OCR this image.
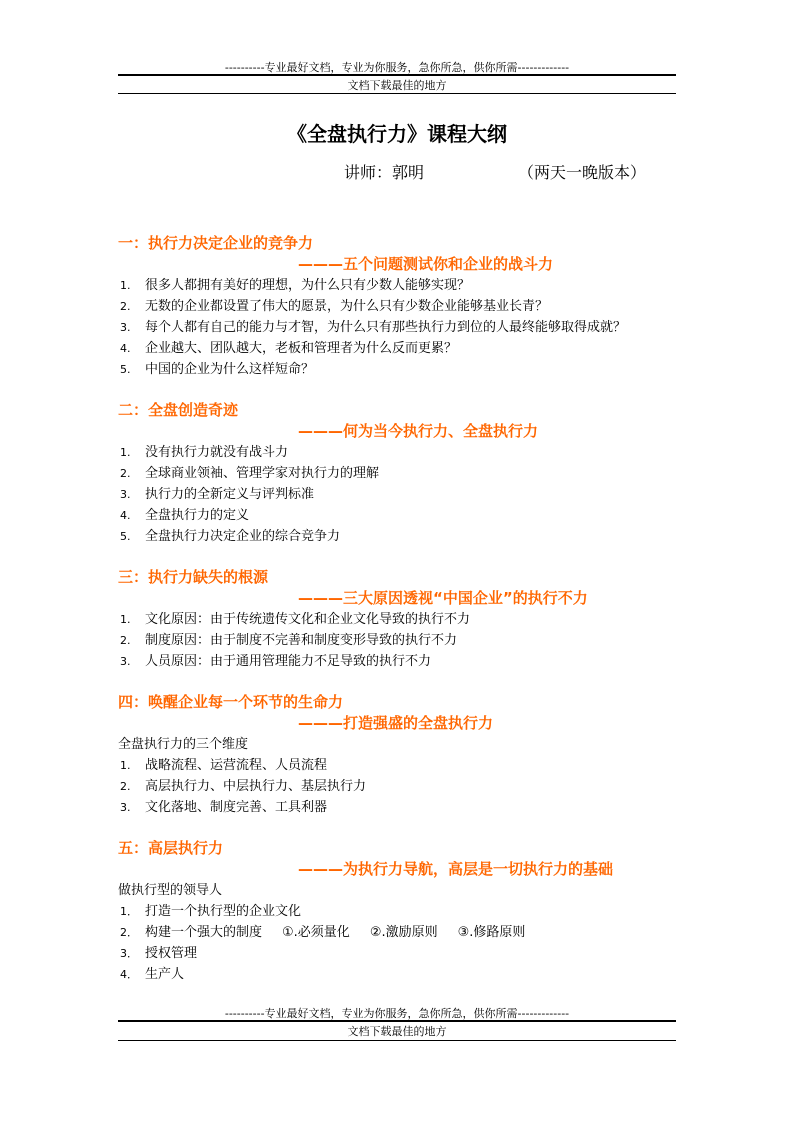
----------专业最好文档，专业为你服务，急你所急，供你所需-------------
文档下载最佳的地方
《全盘执行力》课程大纲
讲师：郭明	（两天一晚版本）
一：执行力决定企业的竞争力
———五个问题测试你和企业的战斗力
1. 很多人都拥有美好的理想，为什么只有少数人能够实现？
2. 无数的企业都设置了伟大的愿景，为什么只有少数企业能够基业长青？
3. 每个人都有自己的能力与才智，为什么只有那些执行力到位的人最终能够取得成就？
4. 企业越大、团队越大，老板和管理者为什么反而更累？
5. 中国的企业为什么这样短命？
二：全盘创造奇迹
———何为当今执行力、全盘执行力
1. 没有执行力就没有战斗力
2. 全球商业领袖、管理学家对执行力的理解
3. 执行力的全新定义与评判标准
4. 全盘执行力的定义
5. 全盘执行力决定企业的综合竞争力
三：执行力缺失的根源
———三大原因透视“中国企业”的执行不力
1. 文化原因：由于传统遗传文化和企业文化导致的执行不力
2. 制度原因：由于制度不完善和制度变形导致的执行不力
3. 人员原因：由于通用管理能力不足导致的执行不力
四：唤醒企业每一个环节的生命力
———打造强盛的全盘执行力
全盘执行力的三个维度
1. 战略流程、运营流程、人员流程
2. 高层执行力、中层执行力、基层执行力
3. 文化落地、制度完善、工具利器
五：高层执行力
———为执行力导航，高层是一切执行力的基础
做执行型的领导人
1． 打造一个执行型的企业文化
2． 构建一个强大的制度 ①.必须量化 ②.激励原则 ③.修路原则
3． 授权管理
4． 生产人
----------专业最好文档，专业为你服务，急你所急，供你所需-------------
文档下载最佳的地方
